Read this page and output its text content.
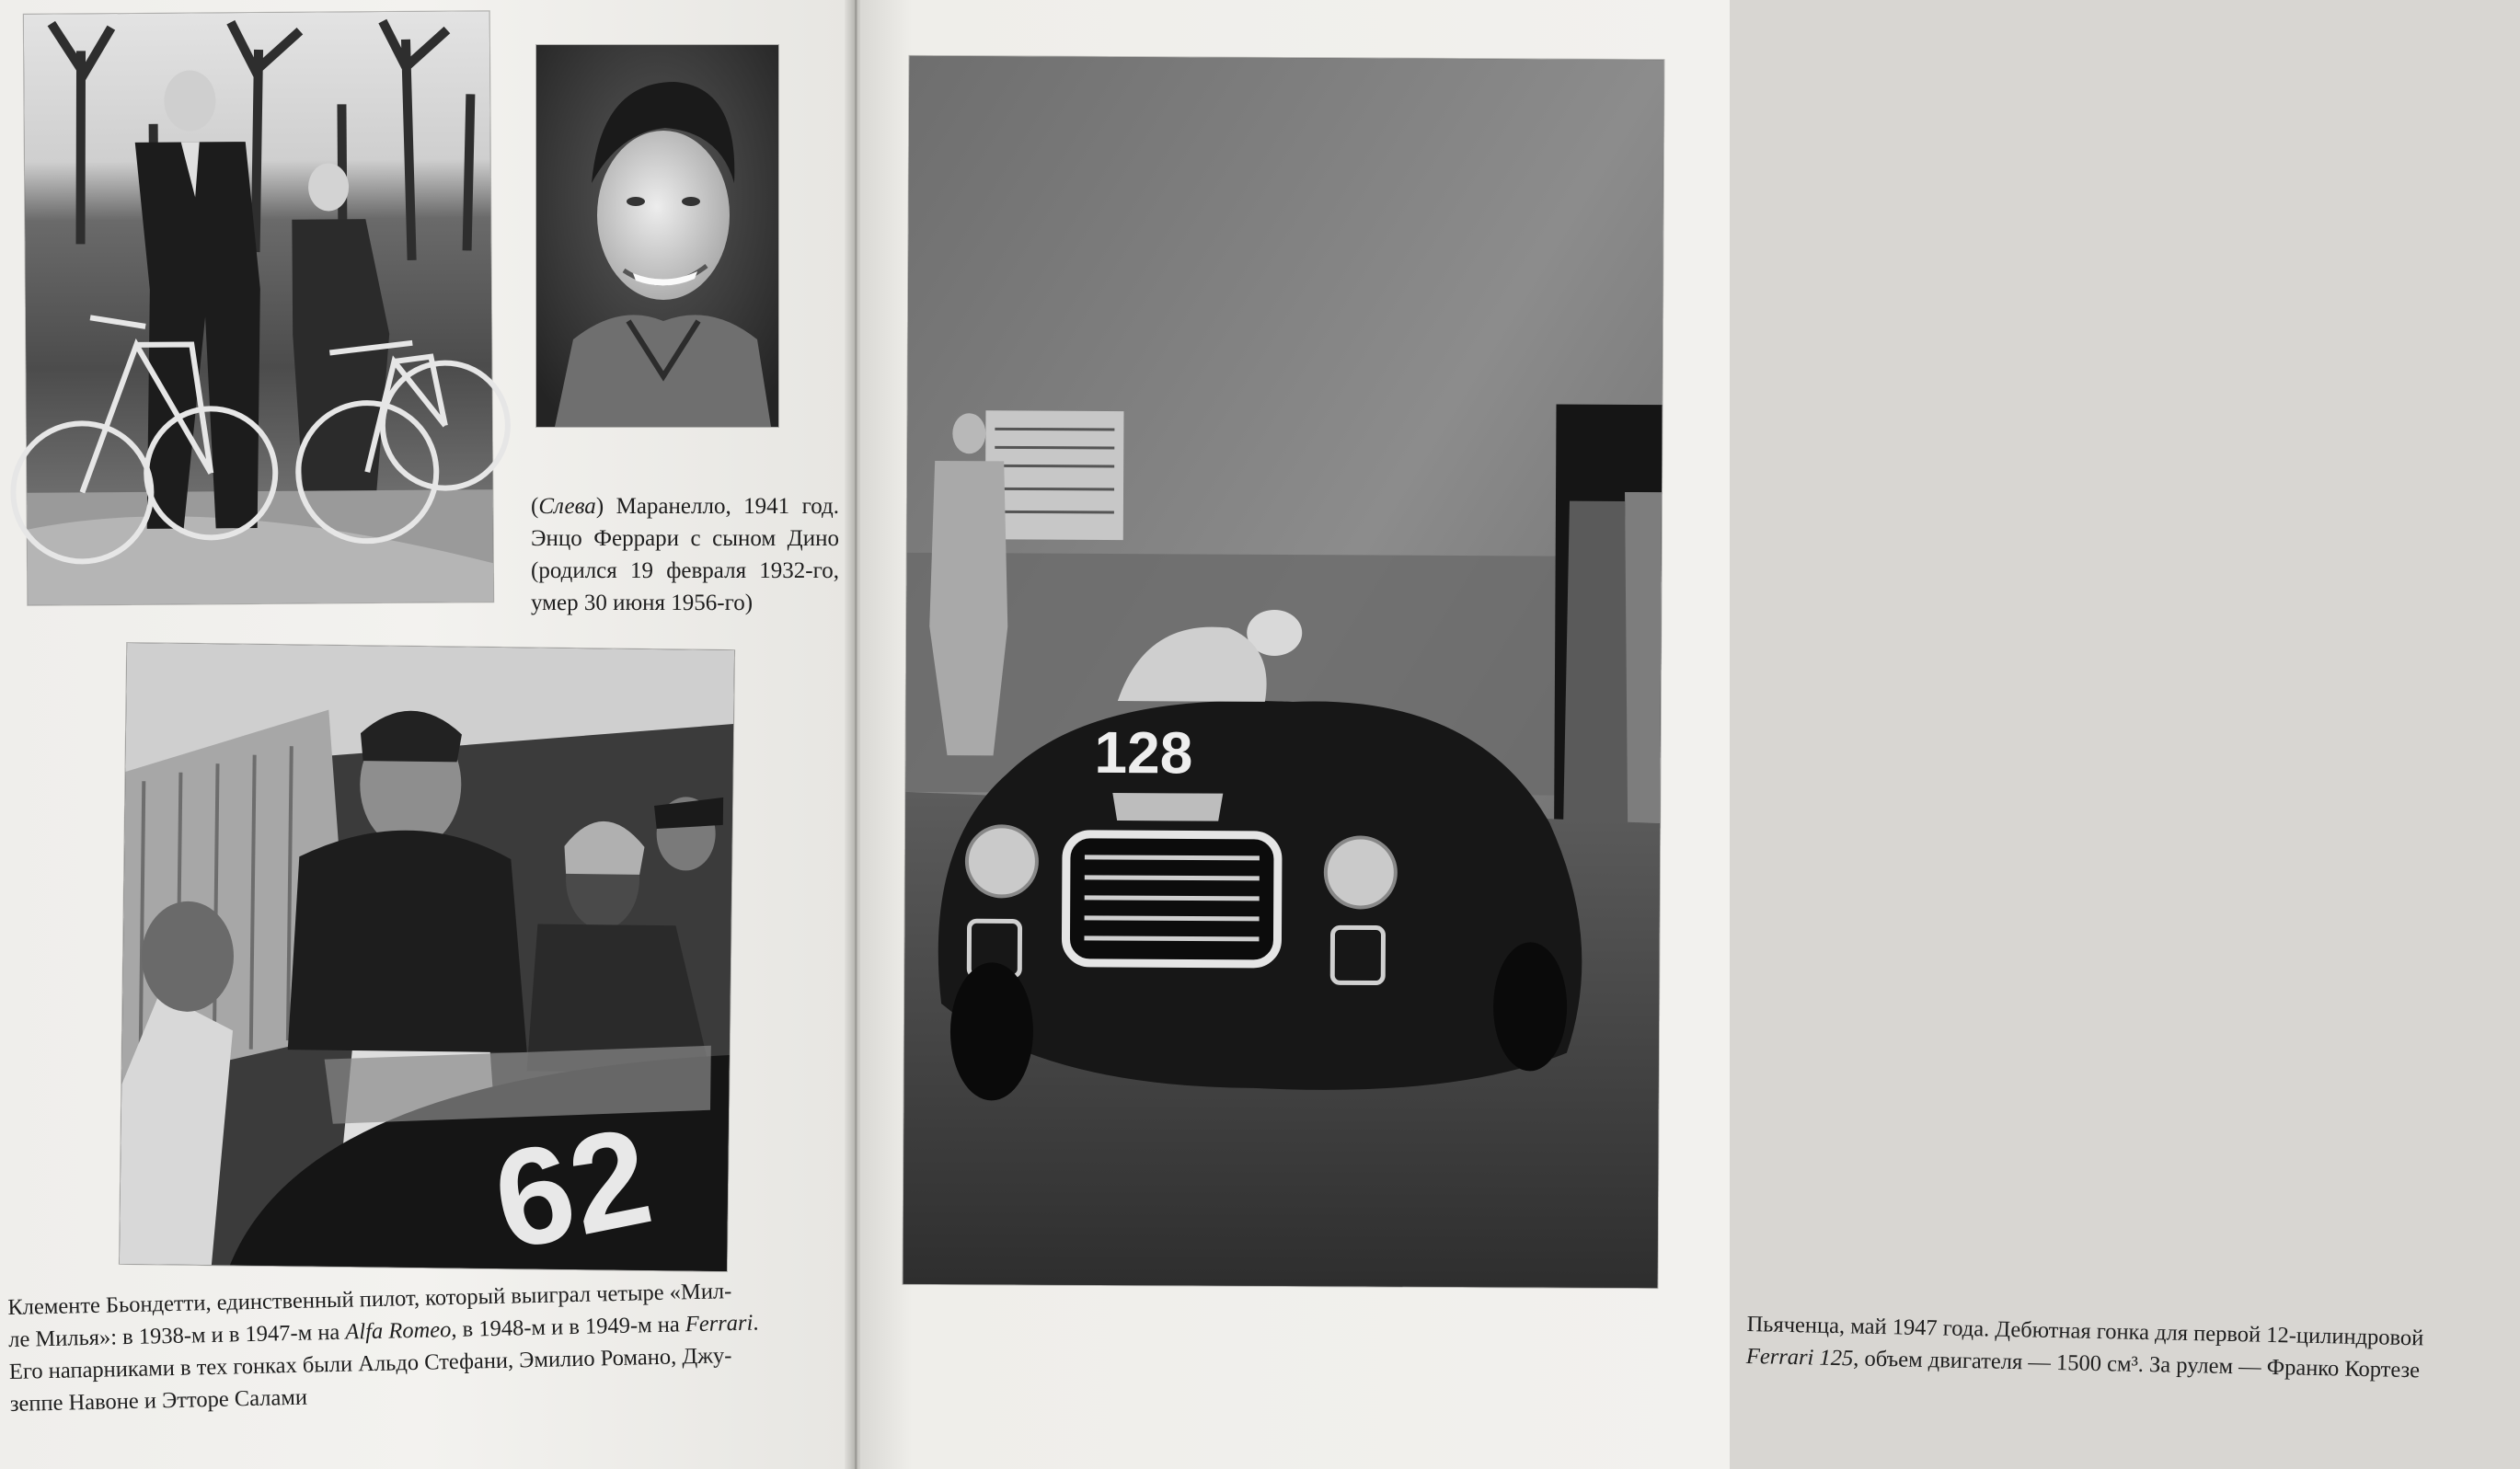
(Слева) Маранелло, 1941 год.
Энцо Феррари с сыном Дино
(родился 19 февраля 1932-го,
умер 30 июня 1956-го)
62
Клементе Бьондетти, единственный пилот, который выиграл четыре «Мил-
ле Милья»: в 1938-м и в 1947-м на Alfa Romeo, в 1948-м и в 1949-м на Ferrari.
Его напарниками в тех гонках были Альдо Стефани, Эмилио Романо, Джу-
зеппе Навоне и Этторе Салами
128
Пьяченца, май 1947 года. Дебютная гонка для первой 12-цилиндровой
Ferrari 125, объем двигателя — 1500 см³. За рулем — Франко Кортезе
